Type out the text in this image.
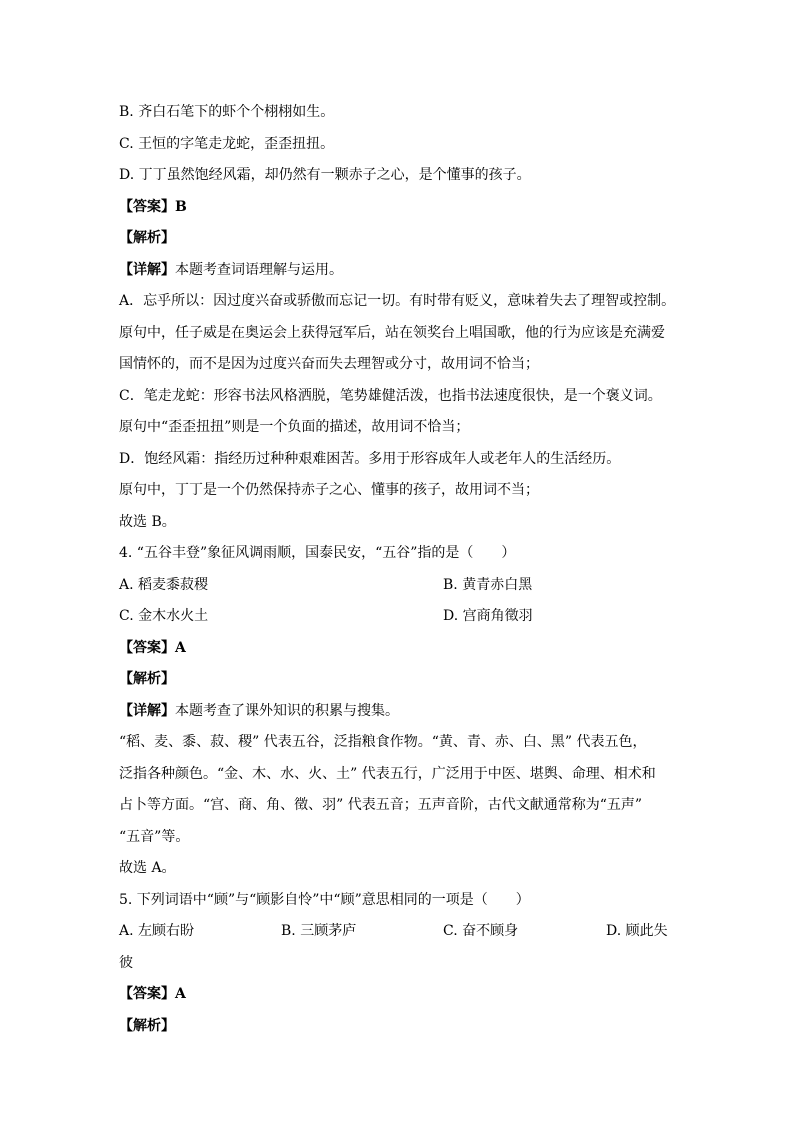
B. 齐白石笔下的虾个个栩栩如生。
C. 王恒的字笔走龙蛇，歪歪扭扭。
D. 丁丁虽然饱经风霜，却仍然有一颗赤子之心，是个懂事的孩子。
【答案】B
【解析】
【详解】本题考查词语理解与运用。
A．忘乎所以：因过度兴奋或骄傲而忘记一切。有时带有贬义，意味着失去了理智或控制。
原句中，任子威是在奥运会上获得冠军后，站在领奖台上唱国歌，他的行为应该是充满爱
国情怀的，而不是因为过度兴奋而失去理智或分寸，故用词不恰当；
C．笔走龙蛇：形容书法风格洒脱，笔势雄健活泼，也指书法速度很快，是一个褒义词。
原句中“歪歪扭扭”则是一个负面的描述，故用词不恰当；
D．饱经风霜：指经历过种种艰难困苦。多用于形容成年人或老年人的生活经历。
原句中，丁丁是一个仍然保持赤子之心、懂事的孩子，故用词不当；
故选 B。
4. “五谷丰登”象征风调雨顺，国泰民安，“五谷”指的是（　　）
A. 稻麦黍菽稷	B. 黄青赤白黑
C. 金木水火土	D. 宫商角徵羽
【答案】A
【解析】
【详解】本题考查了课外知识的积累与搜集。
“稻、麦、黍、菽、稷” 代表五谷，泛指粮食作物。“黄、青、赤、白、黑” 代表五色，
泛指各种颜色。“金、木、水、火、土” 代表五行，广泛用于中医、堪舆、命理、相术和
占卜等方面。“宫、商、角、徵、羽” 代表五音；五声音阶，古代文献通常称为“五声”
“五音”等。
故选 A。
5. 下列词语中“顾”与“顾影自怜”中“顾”意思相同的一项是（　　）
A. 左顾右盼	B. 三顾茅庐	C. 奋不顾身	D. 顾此失
彼
【答案】A
【解析】
